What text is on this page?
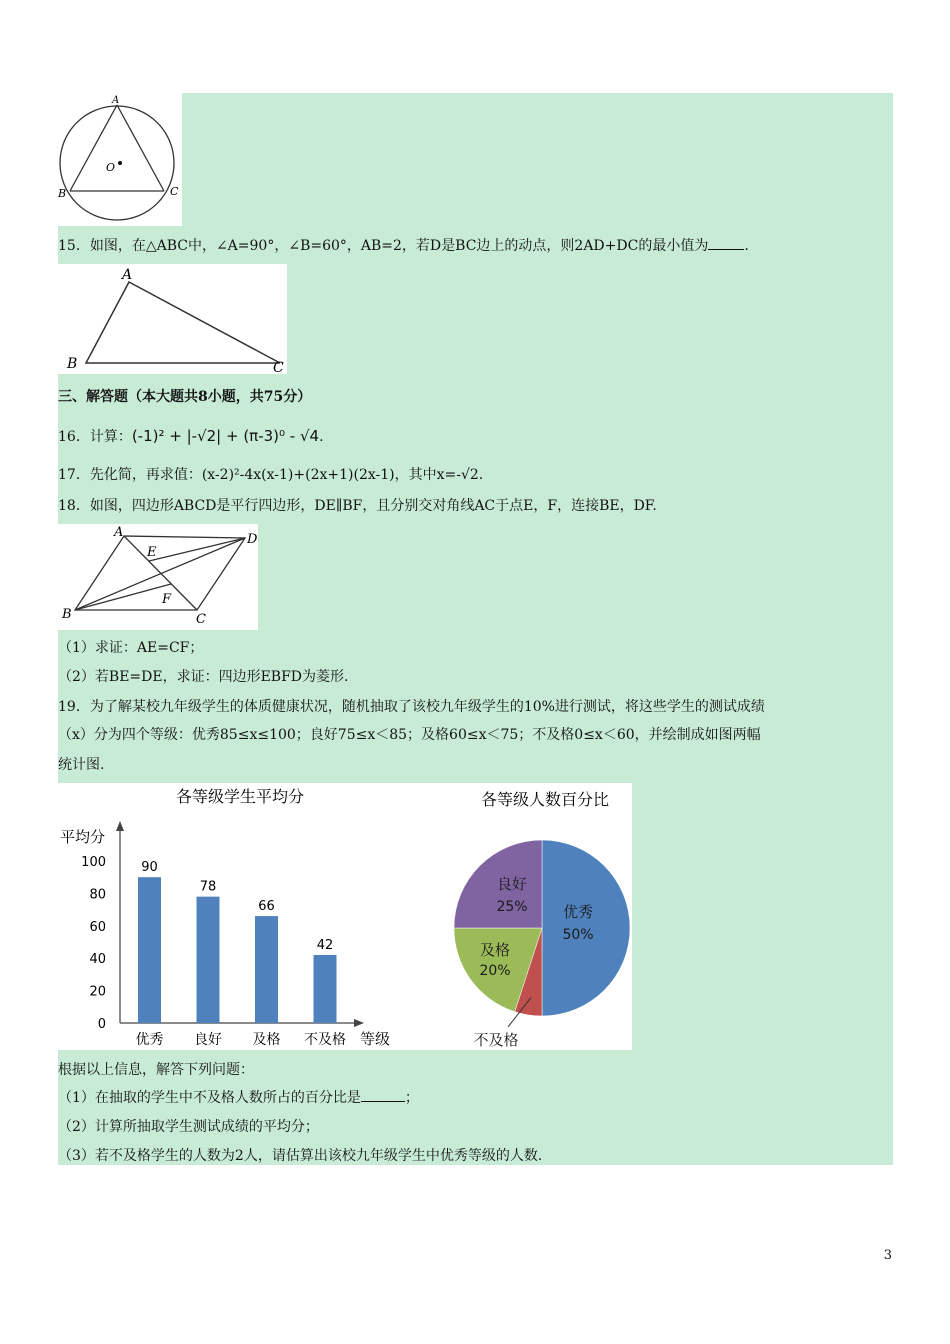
A
B	C
O
15．如图，在△ABC中，∠A=90°，∠B=60°，AB=2，若D是BC边上的动点，则2AD+DC的最小值为	.
A
B	C
三、解答题（本大题共8小题，共75分）
16．计算：(-1)² + |-√2| + (π-3)⁰ - √4.
17．先化简，再求值：(x-2)²-4x(x-1)+(2x+1)(2x-1)，其中x=-√2.
18．如图，四边形ABCD是平行四边形，DE∥BF，且分别交对角线AC于点E，F，连接BE，DF.
A	D
E
F
B	C
（1）求证：AE=CF；
（2）若BE=DE，求证：四边形EBFD为菱形.
19．为了解某校九年级学生的体质健康状况，随机抽取了该校九年级学生的10%进行测试，将这些学生的测试成绩
（x）分为四个等级：优秀85≤x≤100；良好75≤x＜85；及格60≤x＜75；不及格0≤x＜60，并绘制成如图两幅
统计图.
各等级学生平均分
平均分
等级
0
20
40
60
80
100	90
优秀
78
良好
66
及格
42
不及格
各等级人数百分比
优秀
50%
不及格
及格
20%
良好
25%
根据以上信息，解答下列问题：
（1）在抽取的学生中不及格人数所占的百分比是	；
（2）计算所抽取学生测试成绩的平均分；
（3）若不及格学生的人数为2人，请估算出该校九年级学生中优秀等级的人数.
3
